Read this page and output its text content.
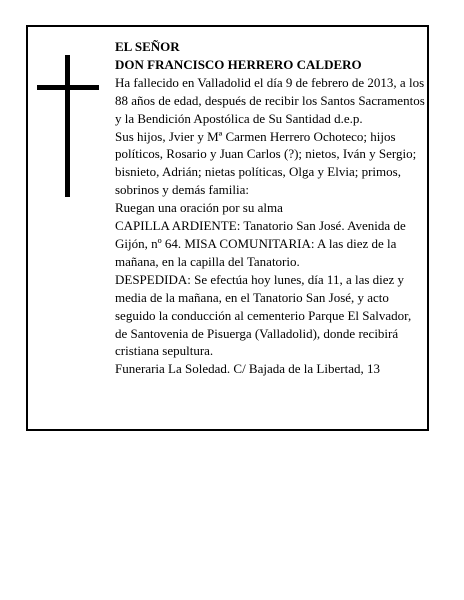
EL SEÑOR

DON FRANCISCO HERRERO CALDERO

Ha fallecido en Valladolid el día 9 de febrero de 2013, a los 88 años de edad, después de recibir los Santos Sacramentos y la Bendición Apostólica de Su Santidad d.e.p.

Sus hijos, Jvier y Mª Carmen Herrero Ochoteco; hijos políticos, Rosario y Juan Carlos (?); nietos, Iván y Sergio; bisnieto, Adrián; nietas políticas, Olga y Elvia; primos, sobrinos y demás familia:

Ruegan una oración por su alma

CAPILLA ARDIENTE: Tanatorio San José. Avenida de Gijón, nº 64. MISA COMUNITARIA: A las diez de la mañana, en la capilla del Tanatorio.

DESPEDIDA: Se efectúa hoy lunes, día 11, a las diez y media de la mañana, en el Tanatorio San José, y acto seguido la conducción al cementerio Parque El Salvador, de Santovenia de Pisuerga (Valladolid), donde recibirá cristiana sepultura.

Funeraria La Soledad. C/ Bajada de la Libertad, 13
